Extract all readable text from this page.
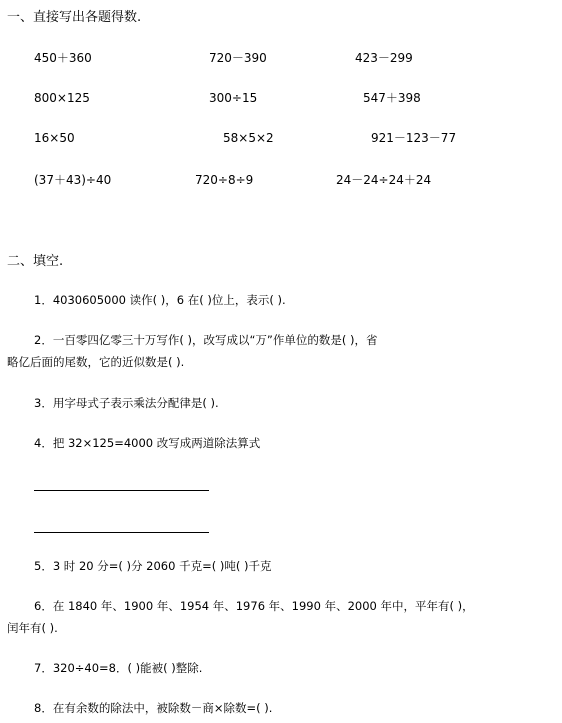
一、直接写出各题得数.
450＋360	720－390	423－299
800×125	300÷15	547＋398
16×50	58×5×2	921－123－77
(37＋43)÷40	720÷8÷9	24－24÷24＋24
二、填空.
1．4030605000 读作( )，6 在( )位上，表示( ).
2．一百零四亿零三十万写作( )，改写成以“万”作单位的数是( )，省
略亿后面的尾数，它的近似数是( ).
3．用字母式子表示乘法分配律是( ).
4．把 32×125=4000 改写成两道除法算式
5．3 时 20 分=( )分 2060 千克=( )吨( )千克
6．在 1840 年、1900 年、1954 年、1976 年、1990 年、2000 年中，平年有( )，
闰年有( ).
7．320÷40=8．( )能被( )整除.
8．在有余数的除法中，被除数－商×除数=( ).
